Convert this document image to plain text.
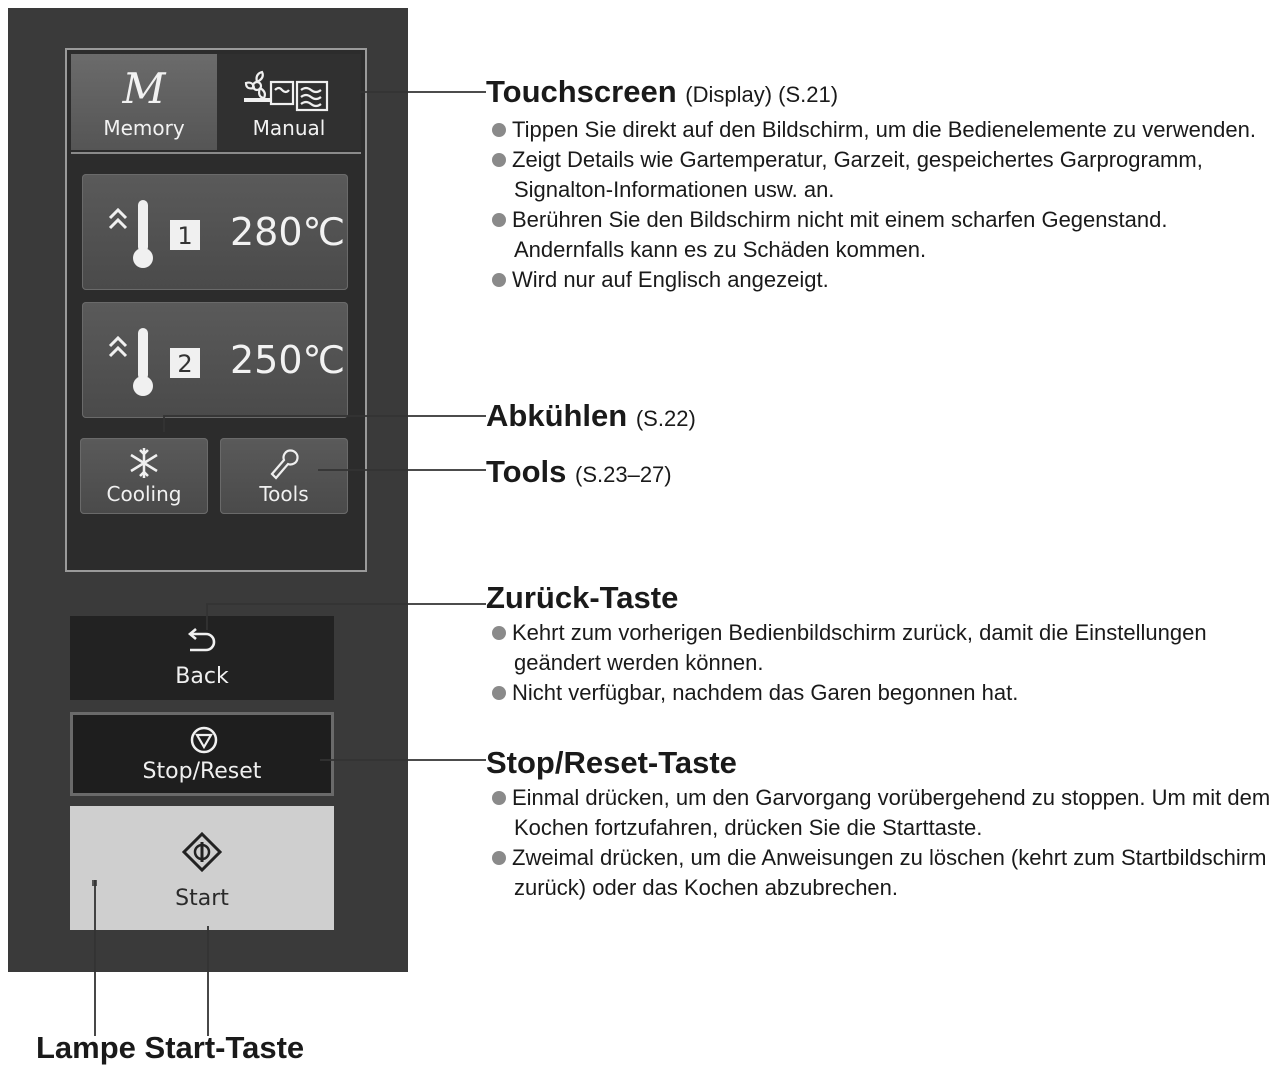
M
Memory	Manual
1 280℃
2 250℃
Cooling	Tools
Back
Stop/Reset
Start
Touchscreen (Display) (S.21)
Tippen Sie direkt auf den Bildschirm, um die Bedienelemente zu verwenden.
Zeigt Details wie Gartemperatur, Garzeit, gespeichertes Garprogramm, Signalton-Informationen usw. an.
Berühren Sie den Bildschirm nicht mit einem scharfen Gegenstand. Andernfalls kann es zu Schäden kommen.
Wird nur auf Englisch angezeigt.
Abkühlen (S.22)
Tools (S.23–27)
Zurück-Taste
Kehrt zum vorherigen Bedienbildschirm zurück, damit die Einstellungen geändert werden können.
Nicht verfügbar, nachdem das Garen begonnen hat.
Stop/Reset-Taste
Einmal drücken, um den Garvorgang vorübergehend zu stoppen. Um mit dem Kochen fortzufahren, drücken Sie die Starttaste.
Zweimal drücken, um die Anweisungen zu löschen (kehrt zum Startbildschirm zurück) oder das Kochen abzubrechen.
Lampe Start-Taste
